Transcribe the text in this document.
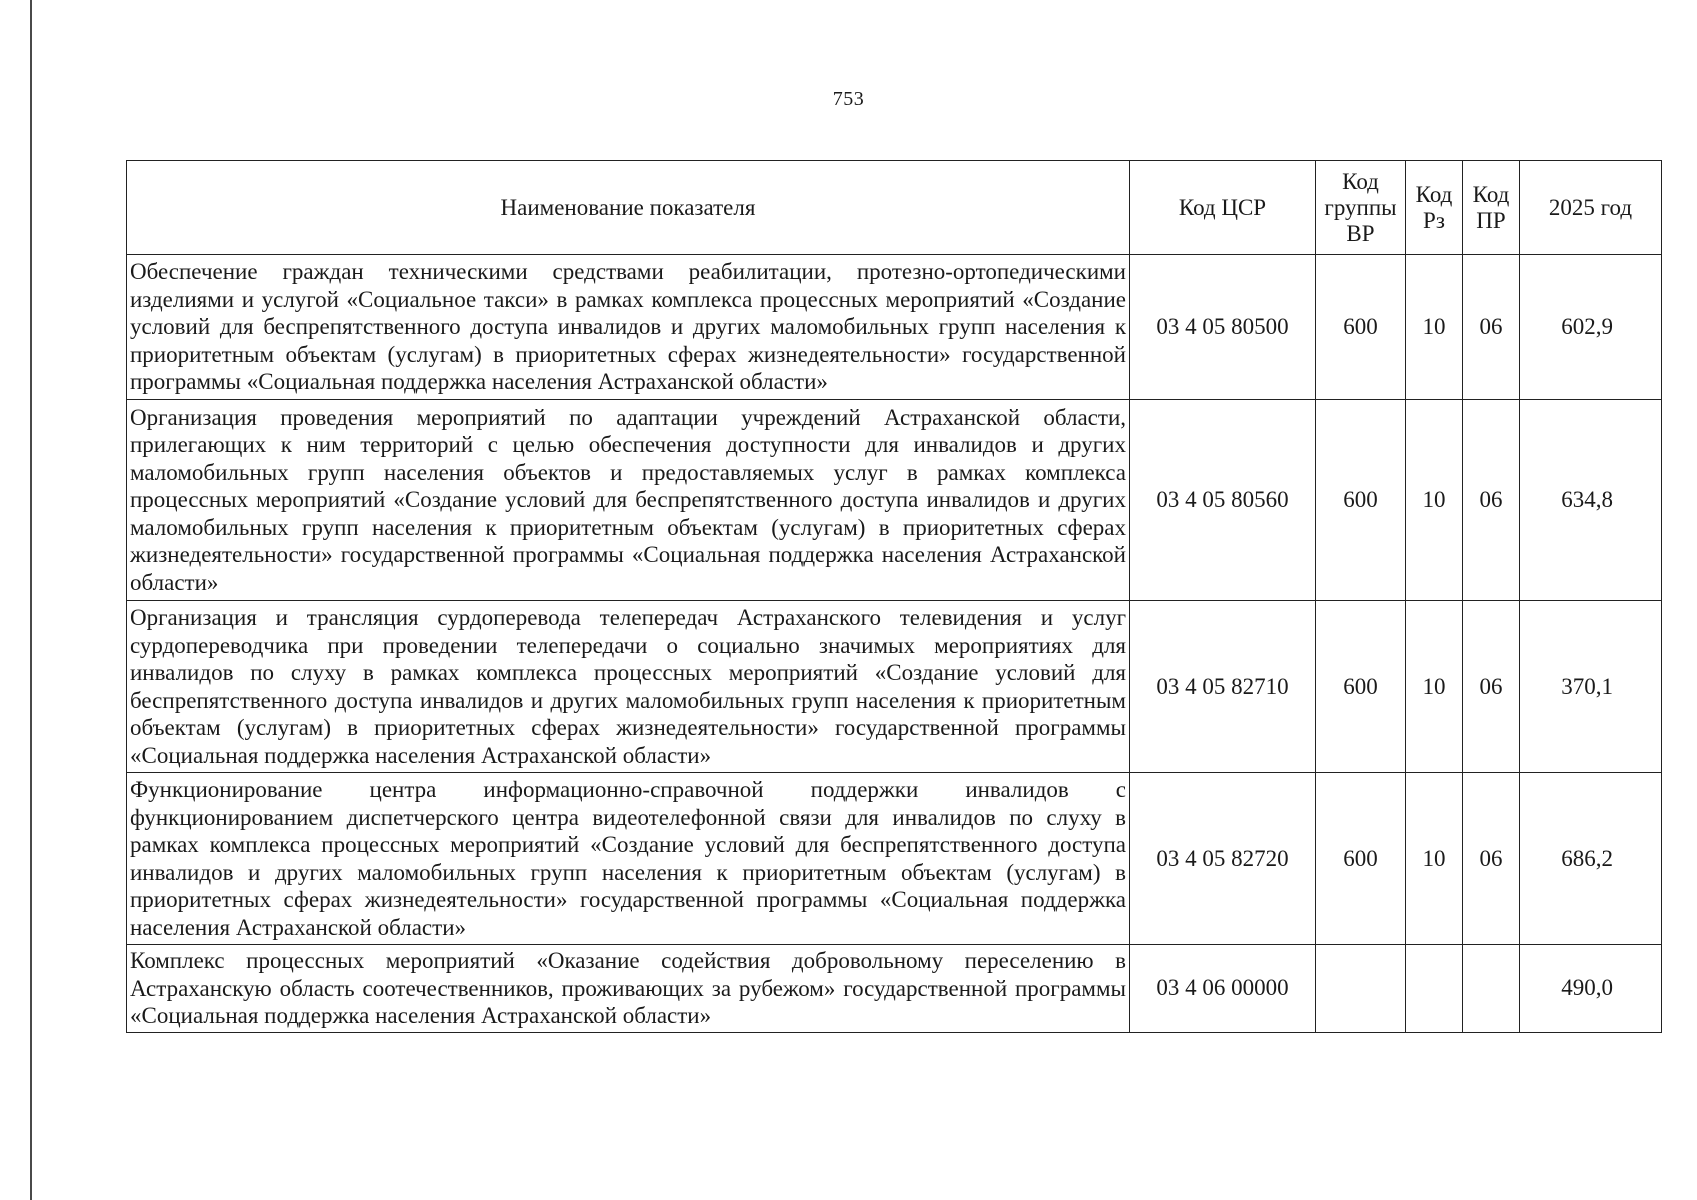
753
Наименование показателя	Код ЦСР	Код группы ВР	Код Рз	Код ПР	2025 год
Обеспечение граждан техническими средствами реабилитации, протезно-ортопедическими изделиями и услугой «Социальное такси» в рамках комплекса процессных мероприятий «Создание условий для беспрепятственного доступа инвалидов и других маломобильных групп населения к приоритетным объектам (услугам) в приоритетных сферах жизнедеятельности» государственной программы «Социальная поддержка населения Астраханской области»	03 4 05 80500	600	10	06	602,9
Организация проведения мероприятий по адаптации учреждений Астраханской области, прилегающих к ним территорий с целью обеспечения доступности для инвалидов и других маломобильных групп населения объектов и предоставляемых услуг в рамках комплекса процессных мероприятий «Создание условий для беспрепятственного доступа инвалидов и других маломобильных групп населения к приоритетным объектам (услугам) в приоритетных сферах жизнедеятельности» государственной программы «Социальная поддержка населения Астраханской области»	03 4 05 80560	600	10	06	634,8
Организация и трансляция сурдоперевода телепередач Астраханского телевидения и услуг сурдопереводчика при проведении телепередачи о социально значимых мероприятиях для инвалидов по слуху в рамках комплекса процессных мероприятий «Создание условий для беспрепятственного доступа инвалидов и других маломобильных групп населения к приоритетным объектам (услугам) в приоритетных сферах жизнедеятельности» государственной программы «Социальная поддержка населения Астраханской области»	03 4 05 82710	600	10	06	370,1
Функционирование центра информационно-справочной поддержки инвалидов с функционированием диспетчерского центра видеотелефонной связи для инвалидов по слуху в рамках комплекса процессных мероприятий «Создание условий для беспрепятственного доступа инвалидов и других маломобильных групп населения к приоритетным объектам (услугам) в приоритетных сферах жизнедеятельности» государственной программы «Социальная поддержка населения Астраханской области»	03 4 05 82720	600	10	06	686,2
Комплекс процессных мероприятий «Оказание содействия добровольному переселению в Астраханскую область соотечественников, проживающих за рубежом» государственной программы «Социальная поддержка населения Астраханской области»	03 4 06 00000				490,0
